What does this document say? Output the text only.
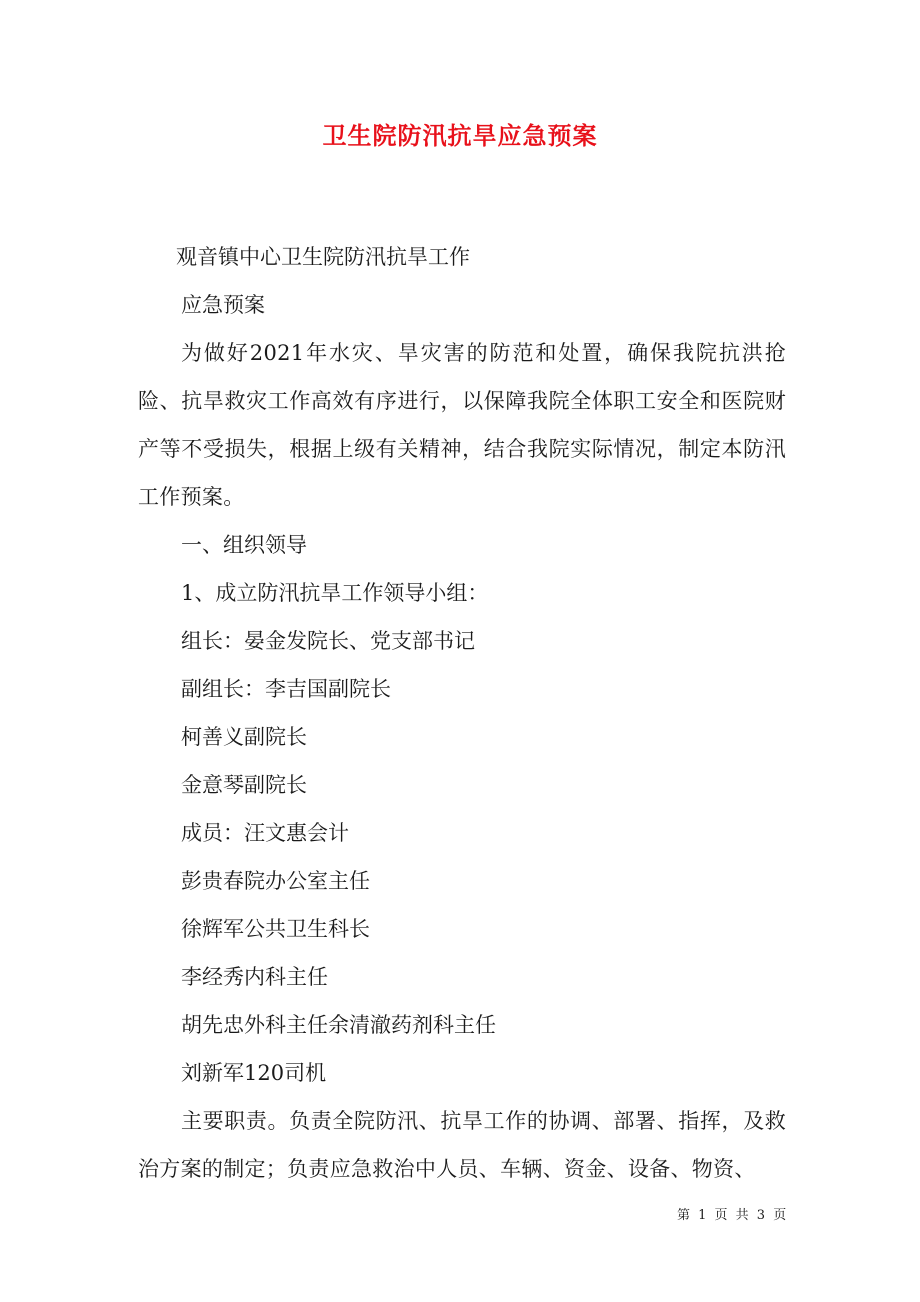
卫生院防汛抗旱应急预案

观音镇中心卫生院防汛抗旱工作

应急预案

为做好2021年水灾、旱灾害的防范和处置，确保我院抗洪抢险、抗旱救灾工作高效有序进行，以保障我院全体职工安全和医院财产等不受损失，根据上级有关精神，结合我院实际情况，制定本防汛工作预案。

一、组织领导

1、成立防汛抗旱工作领导小组：

组长：晏金发院长、党支部书记

副组长：李吉国副院长

柯善义副院长

金意琴副院长

成员：汪文惠会计

彭贵春院办公室主任

徐辉军公共卫生科长

李经秀内科主任

胡先忠外科主任余清澈药剂科主任

刘新军120司机

主要职责。负责全院防汛、抗旱工作的协调、部署、指挥，及救治方案的制定；负责应急救治中人员、车辆、资金、设备、物资、

第 1 页 共 3 页
